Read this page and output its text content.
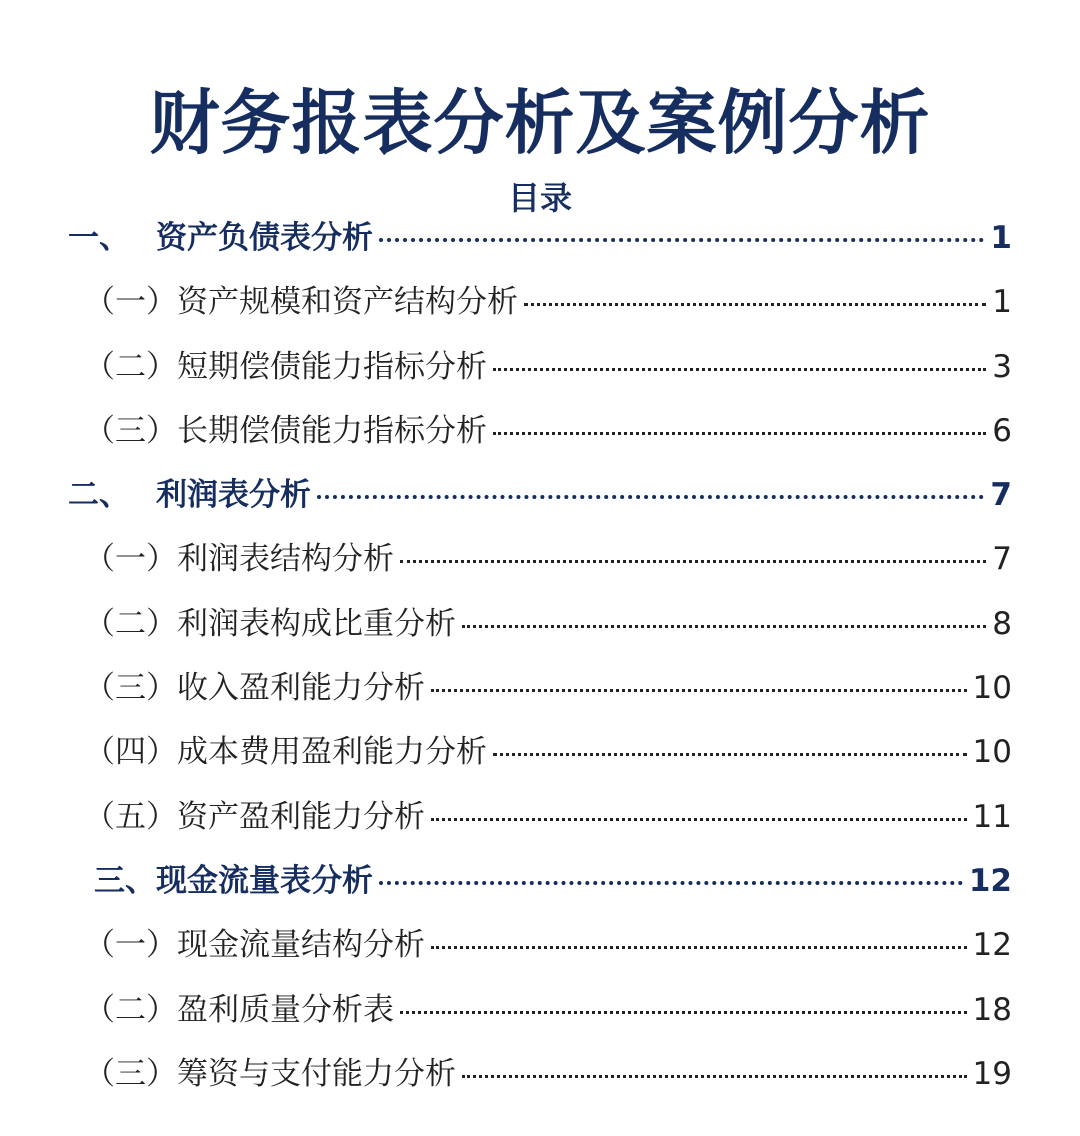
财务报表分析及案例分析
目录
一、 资产负债表分析	1
（一）资产规模和资产结构分析	1
（二）短期偿债能力指标分析	3
（三）长期偿债能力指标分析	6
二、 利润表分析	7
（一）利润表结构分析	7
（二）利润表构成比重分析	8
（三）收入盈利能力分析	10
（四）成本费用盈利能力分析	10
（五）资产盈利能力分析	11
三、现金流量表分析	12
（一）现金流量结构分析	12
（二）盈利质量分析表	18
（三）筹资与支付能力分析	19
